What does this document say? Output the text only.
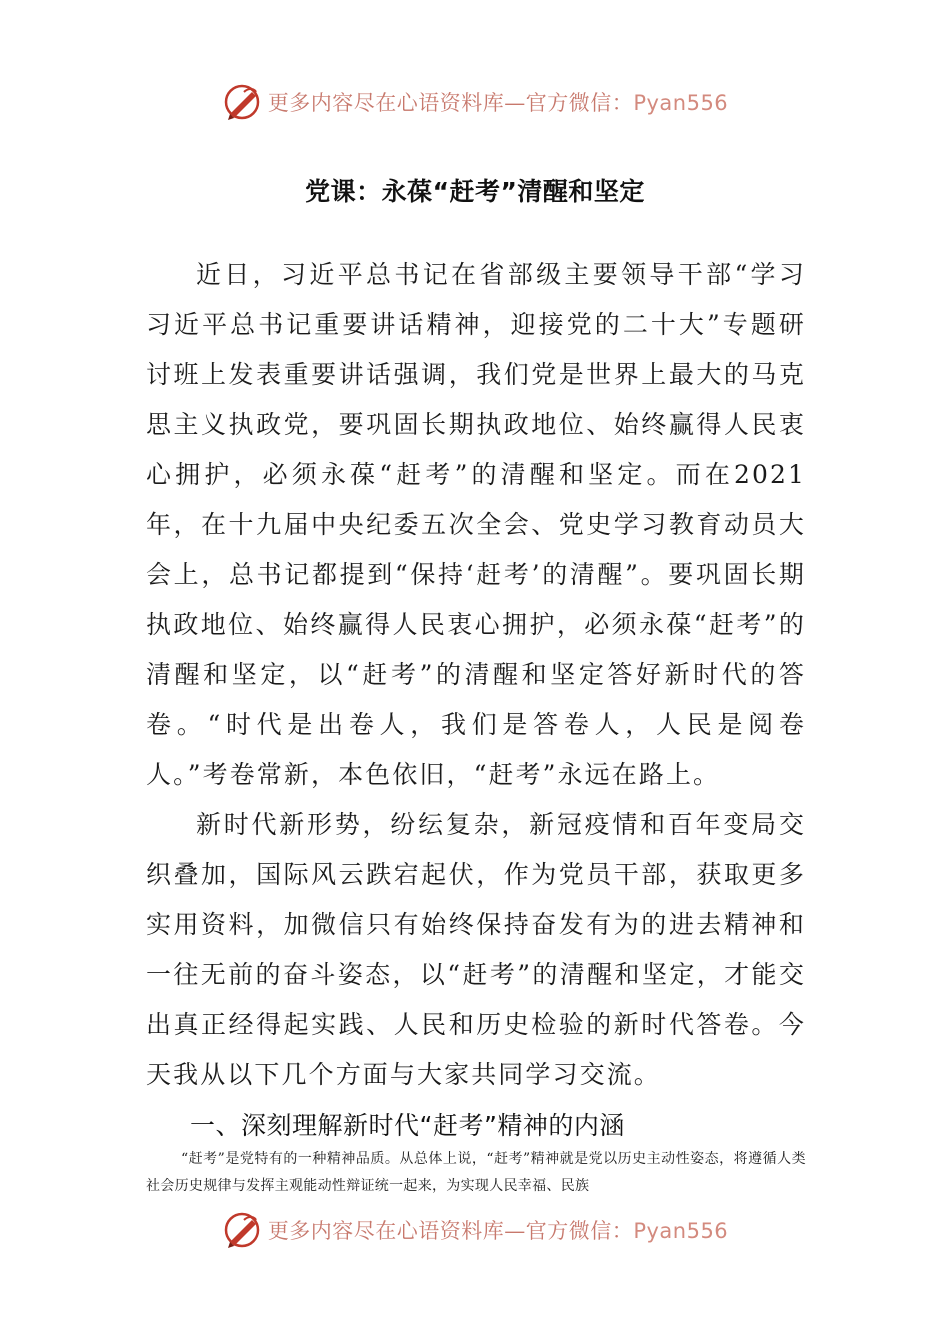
更多内容尽在心语资料库—官方微信：Pyan556
党课：永葆“赶考”清醒和坚定

近日，习近平总书记在省部级主要领导干部“学习习近平总书记重要讲话精神，迎接党的二十大”专题研讨班上发表重要讲话强调，我们党是世界上最大的马克思主义执政党，要巩固长期执政地位、始终赢得人民衷心拥护，必须永葆“赶考”的清醒和坚定。而在2021年，在十九届中央纪委五次全会、党史学习教育动员大会上，总书记都提到“保持‘赶考’的清醒”。要巩固长期执政地位、始终赢得人民衷心拥护，必须永葆“赶考”的清醒和坚定，以“赶考”的清醒和坚定答好新时代的答卷。“时代是出卷人，我们是答卷人，人民是阅卷人。”考卷常新，本色依旧，“赶考”永远在路上。

新时代新形势，纷纭复杂，新冠疫情和百年变局交织叠加，国际风云跌宕起伏，作为党员干部，获取更多实用资料，加微信只有始终保持奋发有为的进去精神和一往无前的奋斗姿态，以“赶考”的清醒和坚定，才能交出真正经得起实践、人民和历史检验的新时代答卷。今天我从以下几个方面与大家共同学习交流。

一、深刻理解新时代“赶考”精神的内涵

“赶考”是党特有的一种精神品质。从总体上说，“赶考”精神就是党以历史主动性姿态，将遵循人类社会历史规律与发挥主观能动性辩证统一起来，为实现人民幸福、民族

更多内容尽在心语资料库—官方微信：Pyan556
